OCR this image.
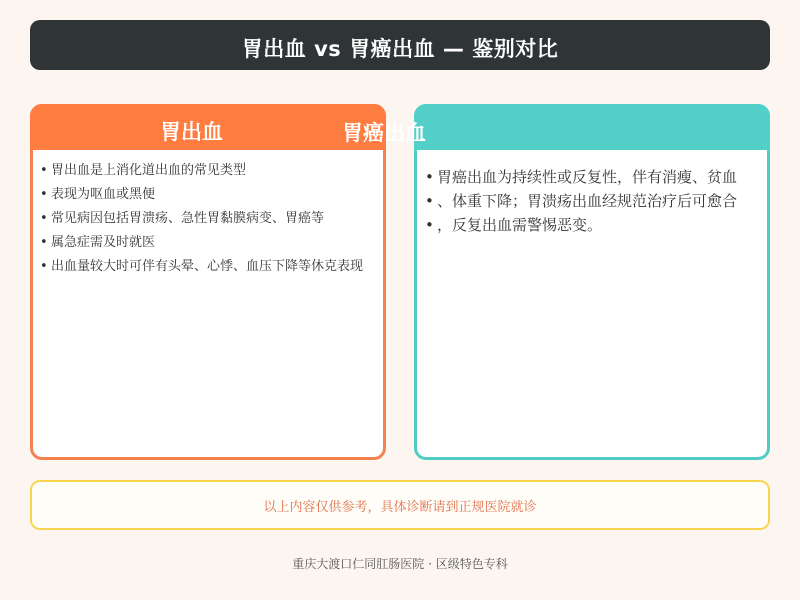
胃出血 vs 胃癌出血 — 鉴别对比
胃出血
• 胃出血是上消化道出血的常见类型
• 表现为呕血或黑便
• 常见病因包括胃溃疡、急性胃黏膜病变、胃癌等
• 属急症需及时就医
• 出血量较大时可伴有头晕、心悸、血压下降等休克表现
• 胃癌出血为持续性或反复性，伴有消瘦、贫血
• 、体重下降；胃溃疡出血经规范治疗后可愈合
• ，反复出血需警惕恶变。
胃癌出血
以上内容仅供参考，具体诊断请到正规医院就诊
重庆大渡口仁同肛肠医院 · 区级特色专科
